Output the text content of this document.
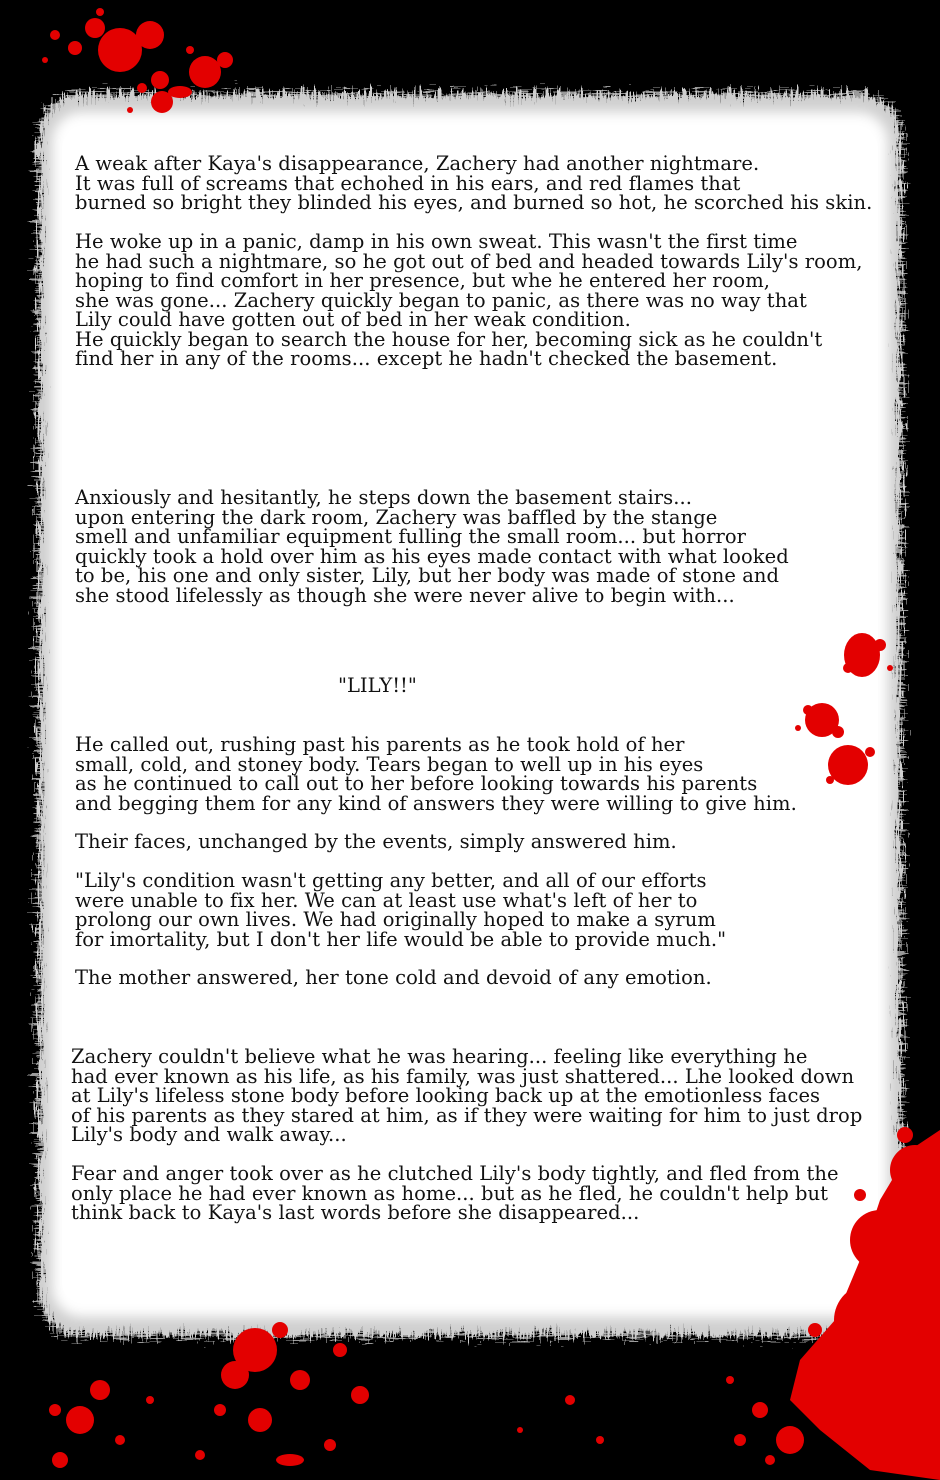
A weak after Kaya's disappearance, Zachery had another nightmare.
It was full of screams that echohed in his ears, and red flames that
burned so bright they blinded his eyes, and burned so hot, he scorched his skin.

He woke up in a panic, damp in his own sweat. This wasn't the first time
he had such a nightmare, so he got out of bed and headed towards Lily's room,
hoping to find comfort in her presence, but whe he entered her room,
she was gone... Zachery quickly began to panic, as there was no way that
Lily could have gotten out of bed in her weak condition.
He quickly began to search the house for her, becoming sick as he couldn't
find her in any of the rooms... except he hadn't checked the basement.

Anxiously and hesitantly, he steps down the basement stairs...
upon entering the dark room, Zachery was baffled by the stange
smell and unfamiliar equipment fulling the small room... but horror
quickly took a hold over him as his eyes made contact with what looked
to be, his one and only sister, Lily, but her body was made of stone and
she stood lifelessly as though she were never alive to begin with...

"LILY!!"

He called out, rushing past his parents as he took hold of her
small, cold, and stoney body. Tears began to well up in his eyes
as he continued to call out to her before looking towards his parents
and begging them for any kind of answers they were willing to give him.

Their faces, unchanged by the events, simply answered him.

"Lily's condition wasn't getting any better, and all of our efforts
were unable to fix her. We can at least use what's left of her to
prolong our own lives. We had originally hoped to make a syrum
for imortality, but I don't her life would be able to provide much."

The mother answered, her tone cold and devoid of any emotion.

Zachery couldn't believe what he was hearing... feeling like everything he
had ever known as his life, as his family, was just shattered... Lhe looked down
at Lily's lifeless stone body before looking back up at the emotionless faces
of his parents as they stared at him, as if they were waiting for him to just drop
Lily's body and walk away...

Fear and anger took over as he clutched Lily's body tightly, and fled from the
only place he had ever known as home... but as he fled, he couldn't help but
think back to Kaya's last words before she disappeared...
